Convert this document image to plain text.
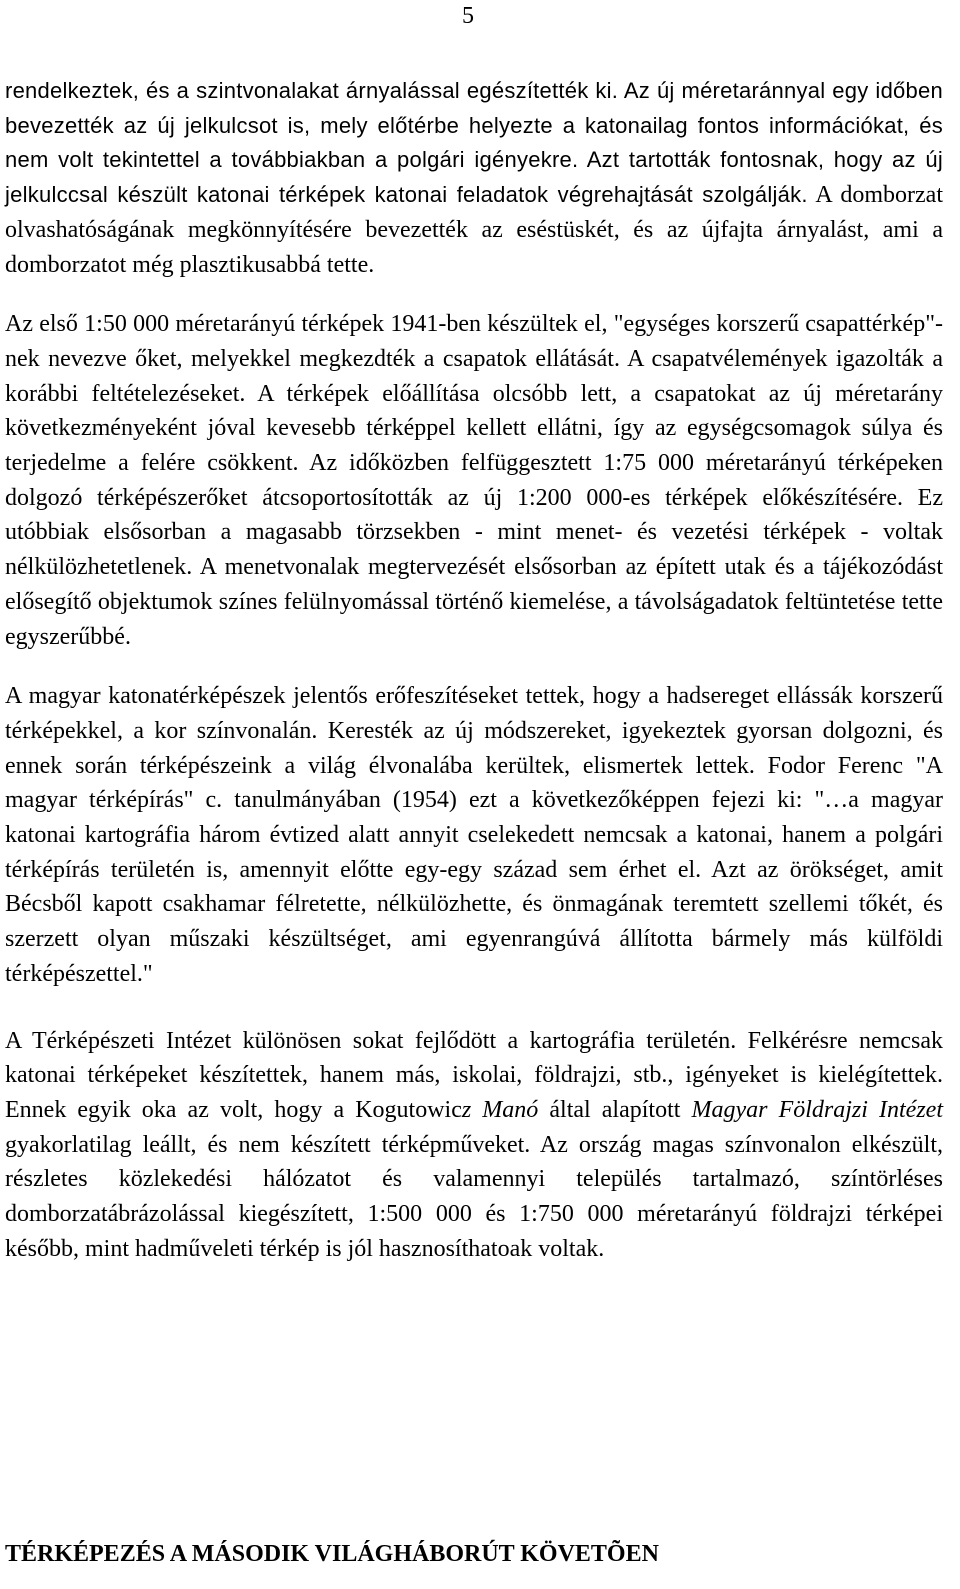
5

rendelkeztek, és a szintvonalakat árnyalással egészítették ki. Az új méretaránnyal egy időben bevezették az új jelkulcsot is, mely előtérbe helyezte a katonailag fontos információkat, és nem volt tekintettel a továbbiakban a polgári igényekre. Azt tartották fontosnak, hogy az új jelkulccsal készült katonai térképek katonai feladatok végrehajtását szolgálják. A domborzat olvashatóságának megkönnyítésére bevezették az eséstüskét, és az újfajta árnyalást, ami a domborzatot még plasztikusabbá tette.

Az első 1:50 000 méretarányú térképek 1941-ben készültek el, "egységes korszerű csapattérkép"-nek nevezve őket, melyekkel megkezdték a csapatok ellátását. A csapatvélemények igazolták a korábbi feltételezéseket. A térképek előállítása olcsóbb lett, a csapatokat az új méretarány következményeként jóval kevesebb térképpel kellett ellátni, így az egységcsomagok súlya és terjedelme a felére csökkent. Az időközben felfüggesztett 1:75 000 méretarányú térképeken dolgozó térképészerőket átcsoportosították az új 1:200 000-es térképek előkészítésére. Ez utóbbiak elsősorban a magasabb törzsekben - mint menet- és vezetési térképek - voltak nélkülözhetetlenek. A menetvonalak megtervezését elsősorban az épített utak és a tájékozódást elősegítő objektumok színes felülnyomással történő kiemelése, a távolságadatok feltüntetése tette egyszerűbbé.

A magyar katonatérképészek jelentős erőfeszítéseket tettek, hogy a hadsereget ellássák korszerű térképekkel, a kor színvonalán. Keresték az új módszereket, igyekeztek gyorsan dolgozni, és ennek során térképészeink a világ élvonalába kerültek, elismertek lettek. Fodor Ferenc "A magyar térképírás" c. tanulmányában (1954) ezt a következőképpen fejezi ki: "…a magyar katonai kartográfia három évtized alatt annyit cselekedett nemcsak a katonai, hanem a polgári térképírás területén is, amennyit előtte egy-egy század sem érhet el. Azt az örökséget, amit Bécsből kapott csakhamar félretette, nélkülözhette, és önmagának teremtett szellemi tőkét, és szerzett olyan műszaki készültséget, ami egyenrangúvá állította bármely más külföldi térképészettel."

A Térképészeti Intézet különösen sokat fejlődött a kartográfia területén. Felkérésre nemcsak katonai térképeket készítettek, hanem más, iskolai, földrajzi, stb., igényeket is kielégítettek. Ennek egyik oka az volt, hogy a Kogutowicz Manó által alapított Magyar Földrajzi Intézet gyakorlatilag leállt, és nem készített térképműveket. Az ország magas színvonalon elkészült, részletes közlekedési hálózatot és valamennyi település tartalmazó, színtörléses domborzatábrázolással kiegészített, 1:500 000 és 1:750 000 méretarányú földrajzi térképei később, mint hadműveleti térkép is jól hasznosíthatoak voltak.

TÉRKÉPEZÉS A MÁSODIK VILÁGHÁBORÚT KÖVETÕEN
